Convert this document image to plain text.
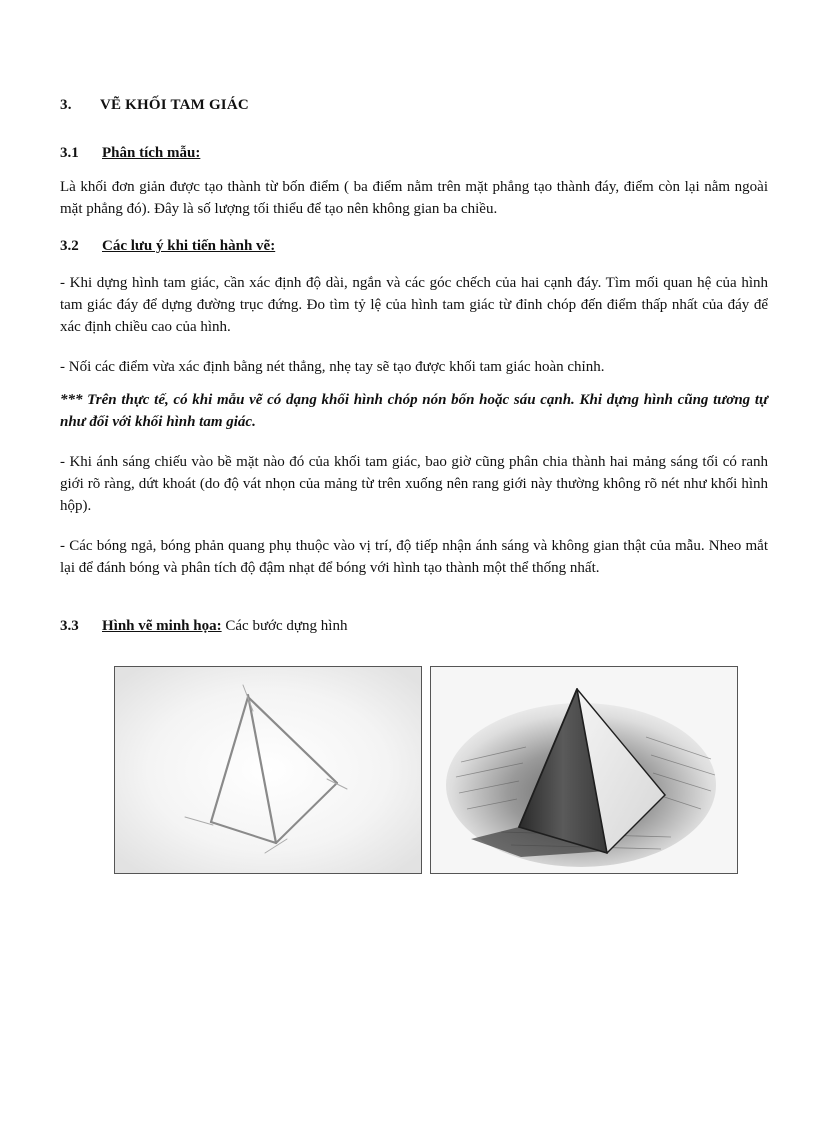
3. VẼ KHỐI TAM GIÁC
3.1 Phân tích mẫu:
Là khối đơn giản được tạo thành từ bốn điểm ( ba điểm nằm trên mặt phẳng tạo thành đáy, điểm còn lại nằm ngoài mặt phẳng đó). Đây là số lượng tối thiểu để tạo nên không gian ba chiều.
3.2 Các lưu ý khi tiến hành vẽ:
- Khi dựng hình tam giác, cần xác định độ dài, ngắn và các góc chếch của hai cạnh đáy. Tìm mối quan hệ của hình tam giác đáy để dựng đường trục đứng. Đo tìm tỷ lệ của hình tam giác từ đỉnh chóp đến điểm thấp nhất của đáy để xác định chiều cao của hình.
- Nối các điểm vừa xác định bằng nét thẳng, nhẹ tay sẽ tạo được khối tam giác hoàn chỉnh.
*** Trên thực tế, có khi mẫu vẽ có dạng khối hình chóp nón bốn hoặc sáu cạnh. Khi dựng hình cũng tương tự như đối với khối hình tam giác.
- Khi ánh sáng chiếu vào bề mặt nào đó của khối tam giác, bao giờ cũng phân chia thành hai mảng sáng tối có ranh giới rõ ràng, dứt khoát (do độ vát nhọn của mảng từ trên xuống nên rang giới này thường không rõ nét như khối hình hộp).
- Các bóng ngả, bóng phản quang phụ thuộc vào vị trí, độ tiếp nhận ánh sáng và không gian thật của mẫu. Nheo mắt lại để đánh bóng và phân tích độ đậm nhạt để bóng với hình tạo thành một thể thống nhất.
3.3 Hình vẽ minh họa: Các bước dựng hình
